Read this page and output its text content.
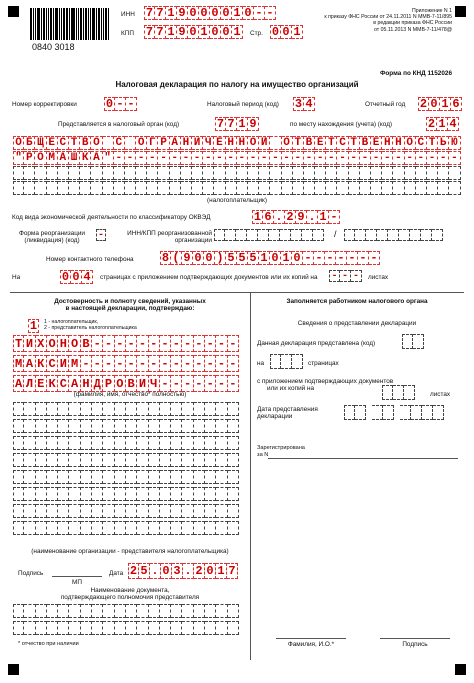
0840 3018
ИНН 7 7 1 9 0 0 0 0 1 0 - -
КПП 7 7 1 9 0 1 0 0 1	Стр. 0 0 1
Приложение N 1
к приказу ФНС России от 24.11.2011 N ММВ-7-11/895
в редакции приказа ФНС России
от 05.11.2013 N ММВ-7-11/478@
Форма по КНД 1152026
Налоговая декларация по налогу на имущество организаций
Номер корректировки 0 - -	Налоговый период (код) 3 4	Отчетный год 2 0 1 6
Представляется в налоговый орган (код)	7 7 1 9	по месту нахождения (учета) (код)	2 1 4
О Б Щ Е С Т В О С О Г Р А Н И Ч Е Н Н О Й О Т В Е Т С Т В Е Н Н О С Т Ь Ю
" Р О М А Ш К А " - - - - - - - - - - - - - - - - - - - - - - - - - - - - - - -
(налогоплательщик)
Код вида экономической деятельности по классификатору ОКВЭД	1 6 . 2 9 . 1 -
Форма реорганизации
(ликвидация) (код)	-	ИНН/КПП реорганизованной
организации
/
Номер контактного телефона 8 ( 9 0 0 ) 5 5 5 1 0 1 0 - - - - - - -
На	0 0 4	страницах с приложением подтверждающих документов или их копий на - - -	листах
Достоверность и полноту сведений, указанных
в настоящей декларации, подтверждаю:
1	1 - налогоплательщик,
2 - представитель налогоплательщика
Т И Х О Н О В - - - - - - - - - - - - -
М А К С И М - - - - - - - - - - - - - -
А Л Е К С А Н Д Р О В И Ч - - - - - - -
(фамилия, имя, отчество* полностью)
(наименование организации - представителя налогоплательщика)
Подпись	Дата 2 5 . 0 3 . 2 0 1 7
МП
Наименование документа,
подтверждающего полномочия представителя
* отчество при наличии
Заполняется работником налогового органа
Сведения о представлении декларации
Данная декларация представлена (код)
на	страницах
с приложением подтверждающих документов
или их копий на
листах
Дата представления
декларации
Зарегистрирована
за N
Фамилия, И.О.*	Подпись
